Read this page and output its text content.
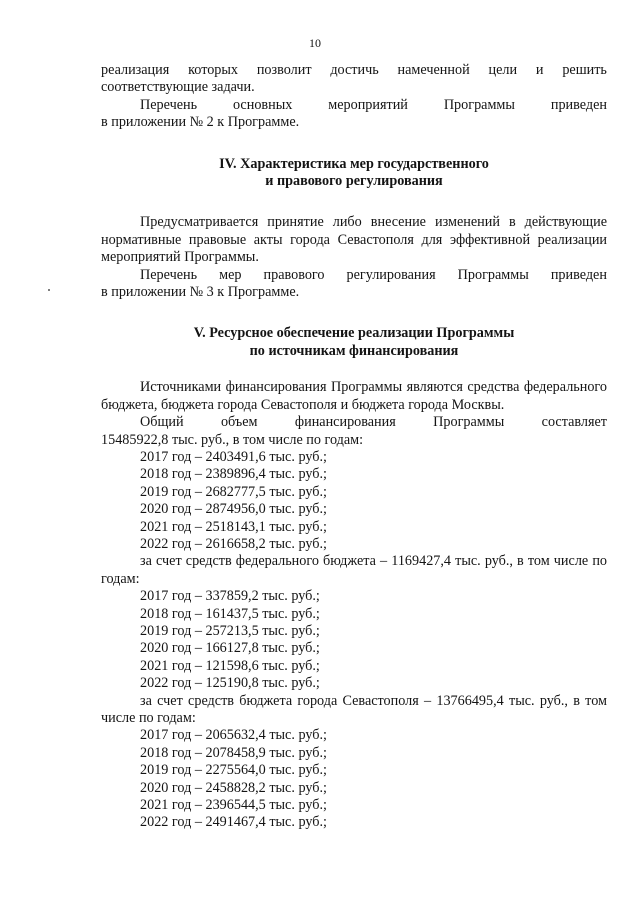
10
реализация которых позволит достичь намеченной цели и решить

соответствующие задачи.

Перечень	основных	мероприятий	Программы	приведен

в приложении № 2 к Программе.

IV. Характеристика мер государственного

и правового регулирования

Предусматривается принятие либо внесение изменений в действующие нормативные правовые акты города Севастополя для эффективной реализации мероприятий Программы.

Перечень мер правового регулирования Программы приведен

в приложении № 3 к Программе.

V. Ресурсное обеспечение реализации Программы

по источникам финансирования

Источниками финансирования Программы являются средства федерального бюджета, бюджета города Севастополя и бюджета города Москвы.

Общий	объем	финансирования	Программы	составляет

15485922,8 тыс. руб., в том числе по годам:

2017 год – 2403491,6 тыс. руб.;

2018 год – 2389896,4 тыс. руб.;

2019 год – 2682777,5 тыс. руб.;

2020 год – 2874956,0 тыс. руб.;

2021 год – 2518143,1 тыс. руб.;

2022 год – 2616658,2 тыс. руб.;

за счет средств федерального бюджета – 1169427,4 тыс. руб., в том числе по годам:

2017 год – 337859,2 тыс. руб.;

2018 год – 161437,5 тыс. руб.;

2019 год – 257213,5 тыс. руб.;

2020 год – 166127,8 тыс. руб.;

2021 год – 121598,6 тыс. руб.;

2022 год – 125190,8 тыс. руб.;

за счет средств бюджета города Севастополя – 13766495,4 тыс. руб., в том числе по годам:

2017 год – 2065632,4 тыс. руб.;

2018 год – 2078458,9 тыс. руб.;

2019 год – 2275564,0 тыс. руб.;

2020 год – 2458828,2 тыс. руб.;

2021 год – 2396544,5 тыс. руб.;

2022 год – 2491467,4 тыс. руб.;
